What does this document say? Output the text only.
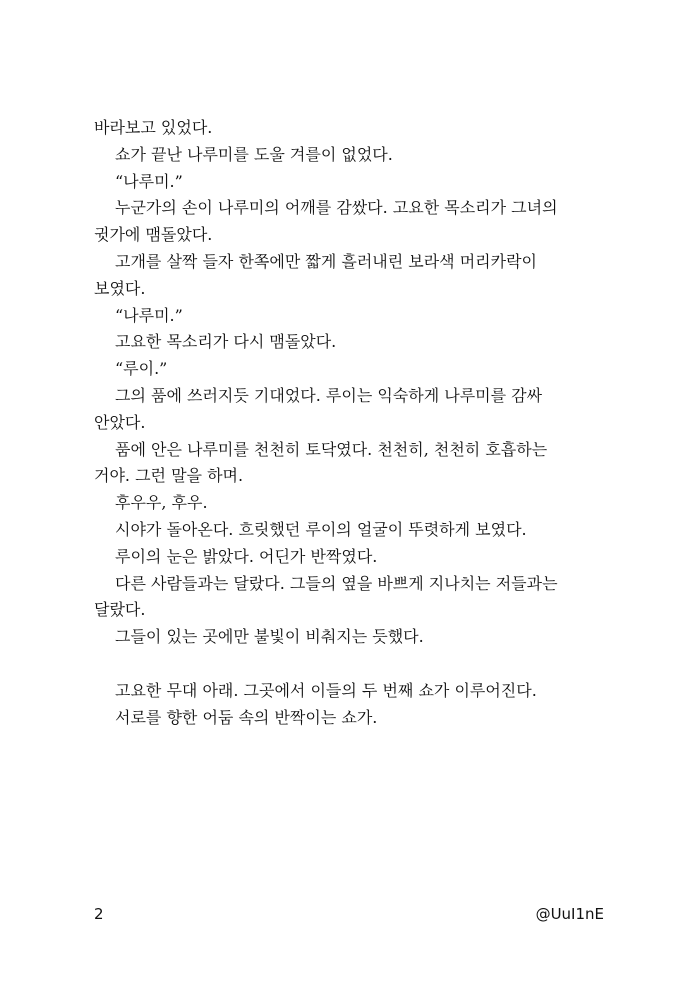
바라보고 있었다.
쇼가 끝난 나루미를 도울 겨를이 없었다.
“나루미.”
누군가의 손이 나루미의 어깨를 감쌌다. 고요한 목소리가 그녀의
귓가에 맴돌았다.
고개를 살짝 들자 한쪽에만 짧게 흘러내린 보라색 머리카락이
보였다.
“나루미.”
고요한 목소리가 다시 맴돌았다.
“루이.”
그의 품에 쓰러지듯 기대었다. 루이는 익숙하게 나루미를 감싸
안았다.
품에 안은 나루미를 천천히 토닥였다. 천천히, 천천히 호흡하는
거야. 그런 말을 하며.
후우우, 후우.
시야가 돌아온다. 흐릿했던 루이의 얼굴이 뚜렷하게 보였다.
루이의 눈은 밝았다. 어딘가 반짝였다.
다른 사람들과는 달랐다. 그들의 옆을 바쁘게 지나치는 저들과는
달랐다.
그들이 있는 곳에만 불빛이 비춰지는 듯했다.
고요한 무대 아래. 그곳에서 이들의 두 번째 쇼가 이루어진다.
서로를 향한 어둠 속의 반짝이는 쇼가.
2	@UuI1nE
